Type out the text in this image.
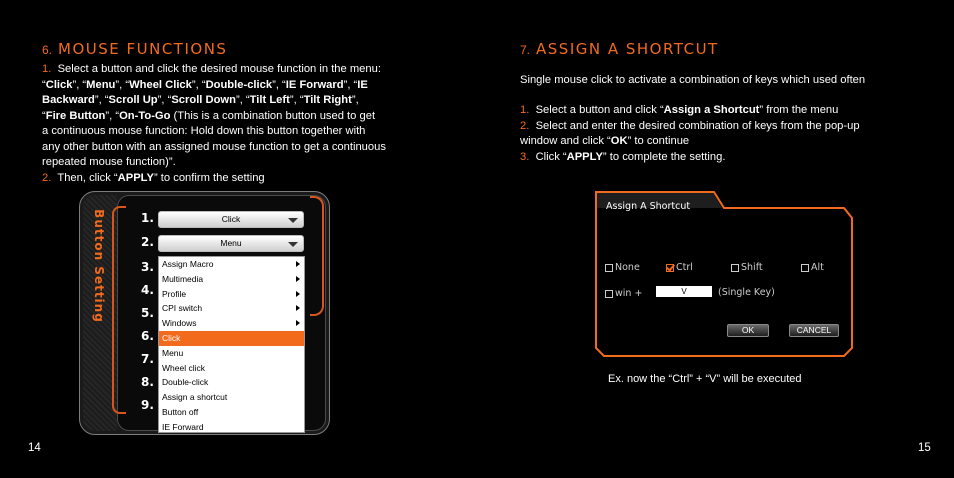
6. MOUSE FUNCTIONS
1. Select a button and click the desired mouse function in the menu:
“Click”, “Menu”, “Wheel Click”, “Double-click”, “IE Forward”, “IE
Backward”, “Scroll Up”, “Scroll Down”, “Tilt Left”, “Tilt Right”,
“Fire Button”, “On-To-Go (This is a combination button used to get
a continuous mouse function: Hold down this button together with
any other button with an assigned mouse function to get a continuous
repeated mouse function)”.
2. Then, click “APPLY” to confirm the setting
14
Button Setting	1.
2.
3.
4.
5.
6.
7.
8.
9.
Click
Menu
Assign Macro
Multimedia
Profile
CPI switch
Windows
Click
Menu
Wheel click
Double-click
Assign a shortcut
Button off
IE Forward
7. ASSIGN A SHORTCUT
Single mouse click to activate a combination of keys which used often
1. Select a button and click “Assign a Shortcut” from the menu
2. Select and enter the desired combination of keys from the pop-up
window and click “OK” to continue
3. Click “APPLY” to complete the setting.
Assign A Shortcut
None	Ctrl	Shift	Alt
win +	V	(Single Key)
OK	CANCEL
Ex. now the “Ctrl” + “V” will be executed
15
